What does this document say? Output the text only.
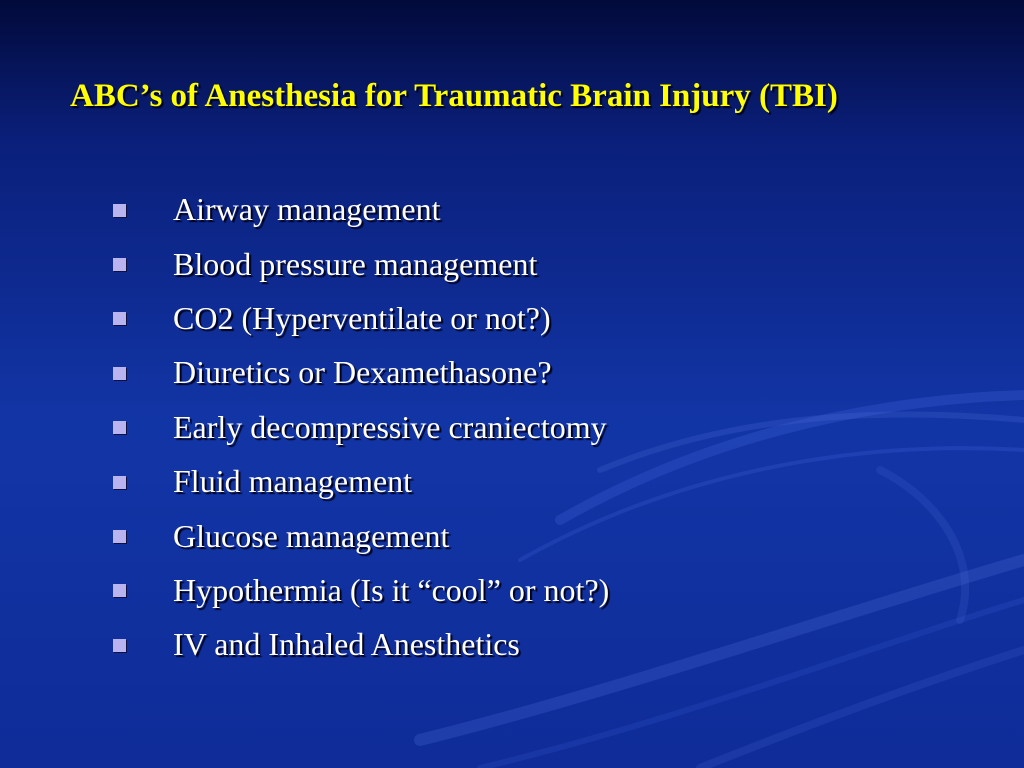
ABC’s of Anesthesia for Traumatic Brain Injury (TBI)
Airway management
Blood pressure management
CO2 (Hyperventilate or not?)
Diuretics or Dexamethasone?
Early decompressive craniectomy
Fluid management
Glucose management
Hypothermia (Is it “cool” or not?)
IV and Inhaled Anesthetics
